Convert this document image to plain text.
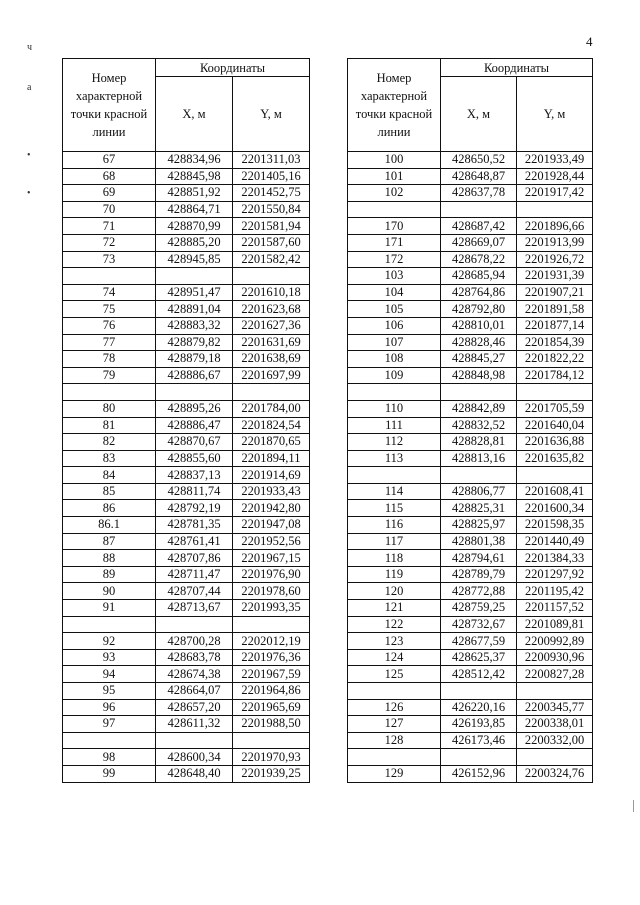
4
ч
а
•
•
Номер характерной точки красной линии	Координаты	
	X, м	Y, м
67	428834,96	2201311,03
68	428845,98	2201405,16
69	428851,92	2201452,75
70	428864,71	2201550,84
71	428870,99	2201581,94
72	428885,20	2201587,60
73	428945,85	2201582,42

74	428951,47	2201610,18
75	428891,04	2201623,68
76	428883,32	2201627,36
77	428879,82	2201631,69
78	428879,18	2201638,69
79	428886,67	2201697,99

80	428895,26	2201784,00
81	428886,47	2201824,54
82	428870,67	2201870,65
83	428855,60	2201894,11
84	428837,13	2201914,69
85	428811,74	2201933,43
86	428792,19	2201942,80
86.1	428781,35	2201947,08
87	428761,41	2201952,56
88	428707,86	2201967,15
89	428711,47	2201976,90
90	428707,44	2201978,60
91	428713,67	2201993,35

92	428700,28	2202012,19
93	428683,78	2201976,36
94	428674,38	2201967,59
95	428664,07	2201964,86
96	428657,20	2201965,69
97	428611,32	2201988,50

98	428600,34	2201970,93
99	428648,40	2201939,25
Номер характерной точки красной линии	Координаты	
	X, м	Y, м
100	428650,52	2201933,49
101	428648,87	2201928,44
102	428637,78	2201917,42

170	428687,42	2201896,66
171	428669,07	2201913,99
172	428678,22	2201926,72
103	428685,94	2201931,39
104	428764,86	2201907,21
105	428792,80	2201891,58
106	428810,01	2201877,14
107	428828,46	2201854,39
108	428845,27	2201822,22
109	428848,98	2201784,12

110	428842,89	2201705,59
111	428832,52	2201640,04
112	428828,81	2201636,88
113	428813,16	2201635,82

114	428806,77	2201608,41
115	428825,31	2201600,34
116	428825,97	2201598,35
117	428801,38	2201440,49
118	428794,61	2201384,33
119	428789,79	2201297,92
120	428772,88	2201195,42
121	428759,25	2201157,52
122	428732,67	2201089,81
123	428677,59	2200992,89
124	428625,37	2200930,96
125	428512,42	2200827,28

126	426220,16	2200345,77
127	426193,85	2200338,01
128	426173,46	2200332,00

129	426152,96	2200324,76
